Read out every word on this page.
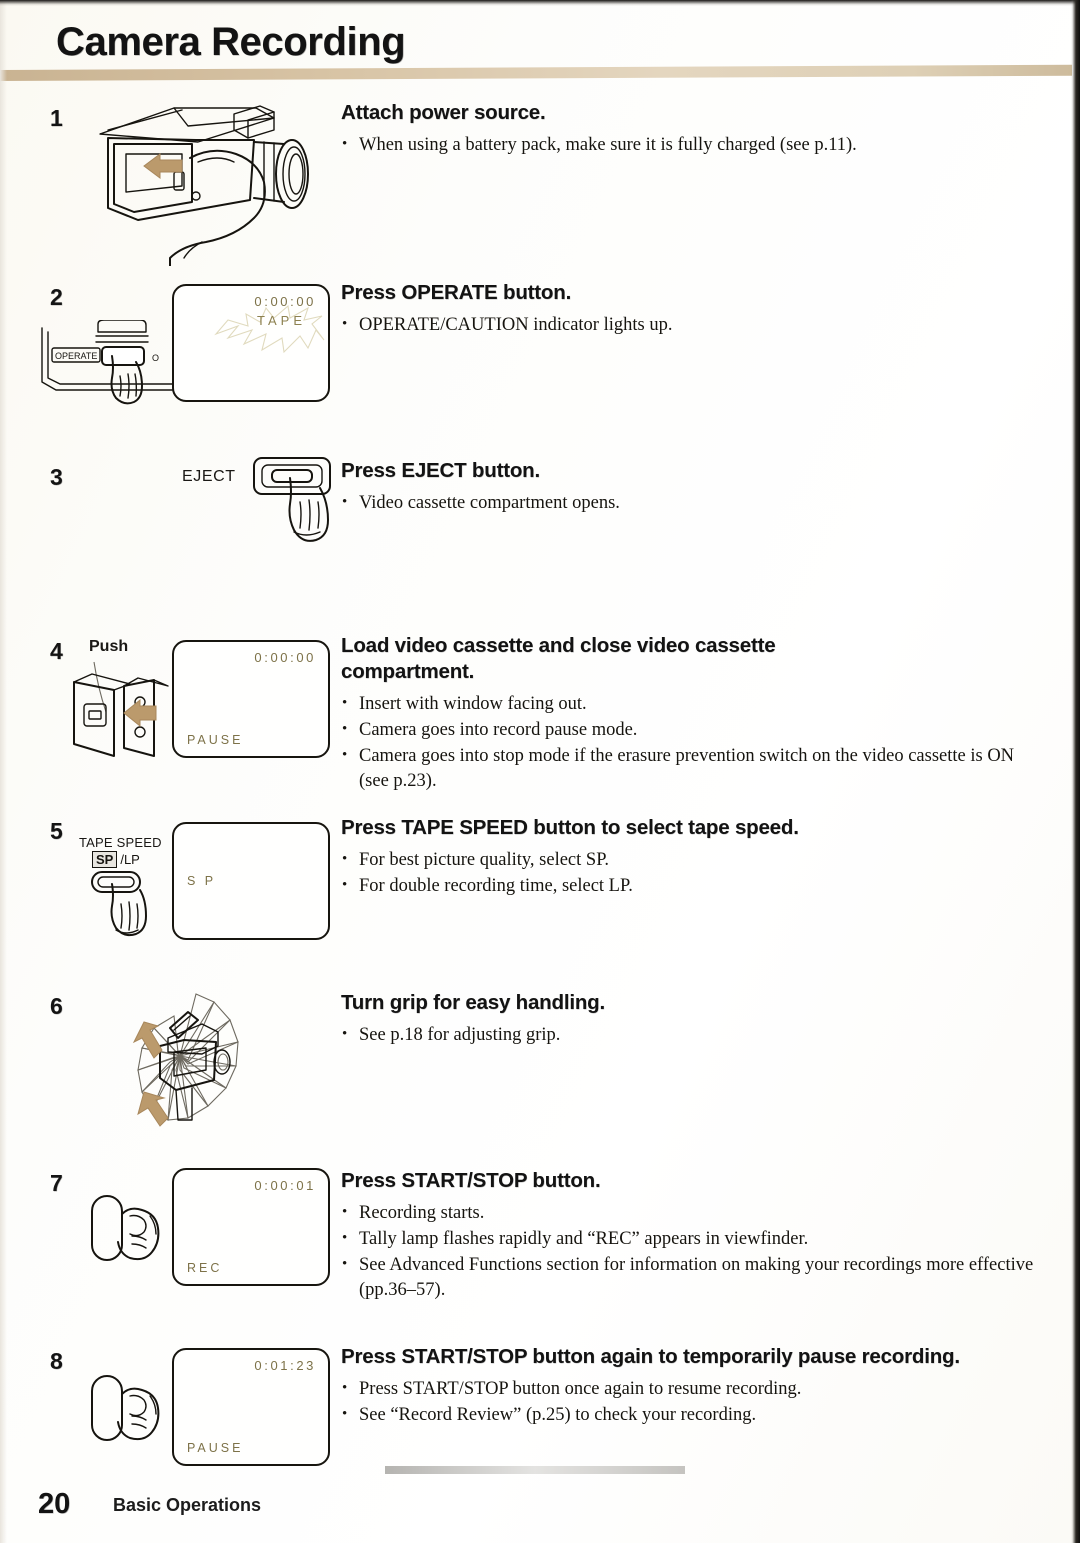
Camera Recording
1	Attach power source.

• When using a battery pack, make sure it is fully charged (see p.11).
2
OPERATE	O
0:00:00
TAPE

Press OPERATE button.

• OPERATE/CAUTION indicator lights up.
3	EJECT	Press EJECT button.

• Video cassette compartment opens.
4 Push
0:00:00
PAUSE

Load video cassette and close video cassette compartment.

• Insert with window facing out.
• Camera goes into record pause mode.
• Camera goes into stop mode if the erasure prevention switch on the video cassette is ON (see p.23).
5 TAPE SPEED
SP /LP
S P

Press TAPE SPEED button to select tape speed.

• For best picture quality, select SP.
• For double recording time, select LP.
6	Turn grip for easy handling.

• See p.18 for adjusting grip.
7	0:00:01
REC

Press START/STOP button.

• Recording starts.
• Tally lamp flashes rapidly and “REC” appears in viewfinder.
• See Advanced Functions section for information on making your recordings more effective (pp.36–57).
8	0:01:23
PAUSE

Press START/STOP button again to temporarily pause recording.

• Press START/STOP button once again to resume recording.
• See “Record Review” (p.25) to check your recording.
20 Basic Operations
